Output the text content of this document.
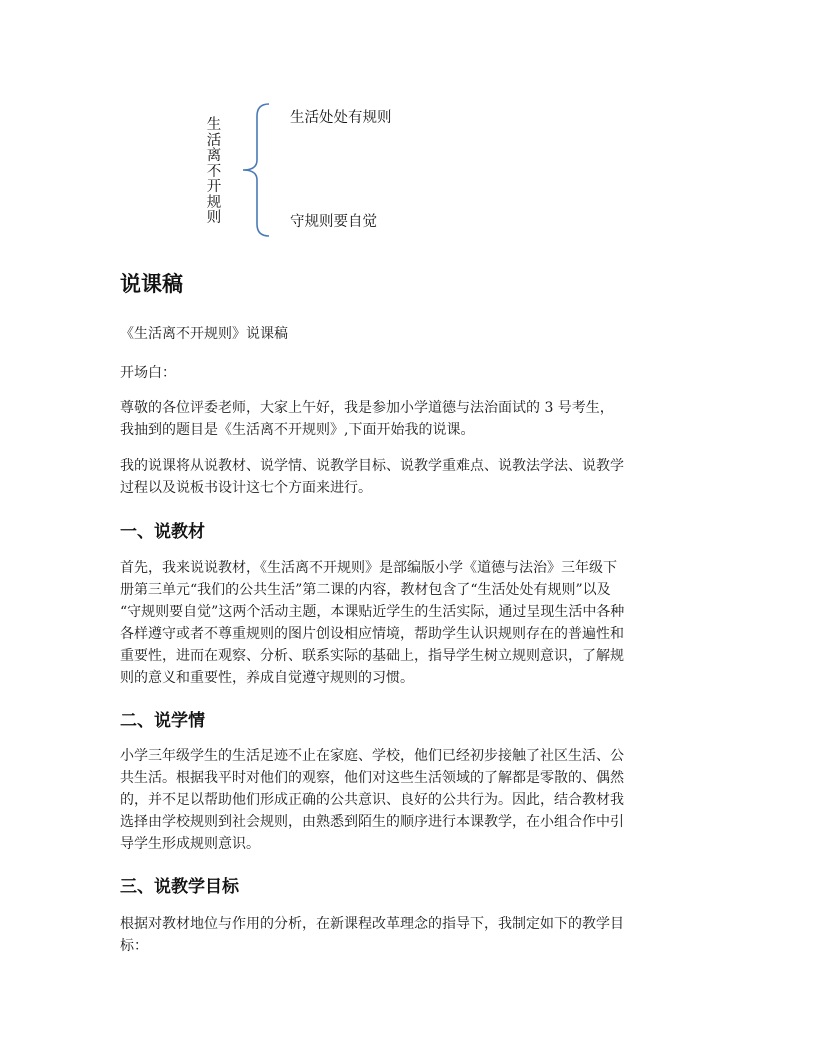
生活离不开规则
生活处处有规则
守规则要自觉
说课稿
《生活离不开规则》说课稿
开场白：
尊敬的各位评委老师，大家上午好，我是参加小学道德与法治面试的 3 号考生，
我抽到的题目是《生活离不开规则》,下面开始我的说课。
我的说课将从说教材、说学情、说教学目标、说教学重难点、说教法学法、说教学
过程以及说板书设计这七个方面来进行。
一、说教材
首先，我来说说教材，《生活离不开规则》是部编版小学《道德与法治》三年级下
册第三单元“我们的公共生活”第二课的内容，教材包含了“生活处处有规则”以及
“守规则要自觉”这两个活动主题，本课贴近学生的生活实际，通过呈现生活中各种
各样遵守或者不尊重规则的图片创设相应情境，帮助学生认识规则存在的普遍性和
重要性，进而在观察、分析、联系实际的基础上，指导学生树立规则意识，了解规
则的意义和重要性，养成自觉遵守规则的习惯。
二、说学情
小学三年级学生的生活足迹不止在家庭、学校，他们已经初步接触了社区生活、公
共生活。根据我平时对他们的观察，他们对这些生活领域的了解都是零散的、偶然
的，并不足以帮助他们形成正确的公共意识、良好的公共行为。因此，结合教材我
选择由学校规则到社会规则，由熟悉到陌生的顺序进行本课教学，在小组合作中引
导学生形成规则意识。
三、说教学目标
根据对教材地位与作用的分析，在新课程改革理念的指导下，我制定如下的教学目
标：
